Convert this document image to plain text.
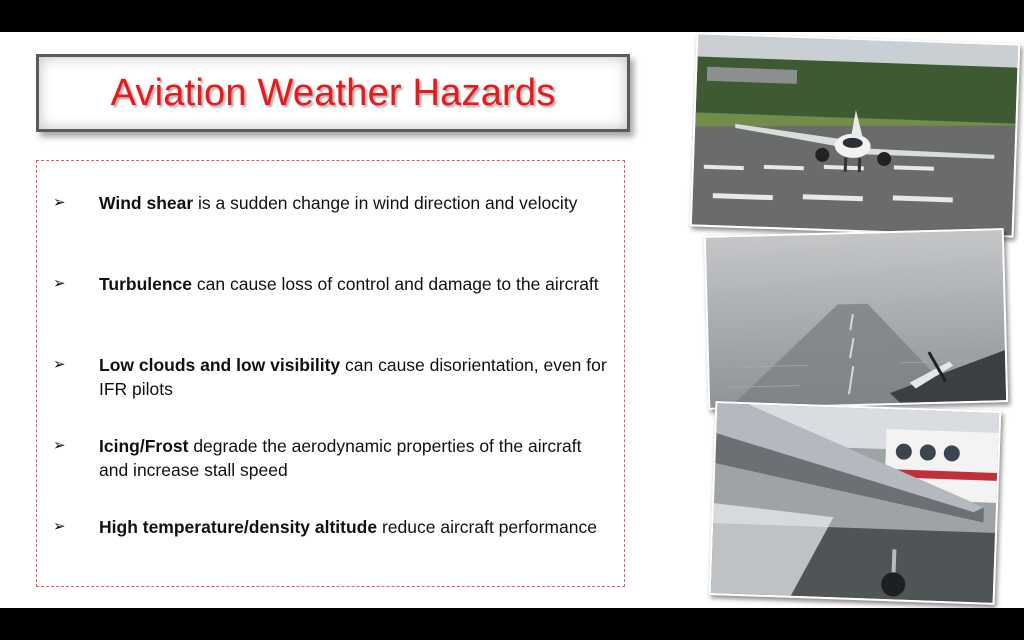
Aviation Weather Hazards
➢	Wind shear is a sudden change in wind direction and velocity
➢	Turbulence can cause loss of control and damage to the aircraft
➢	Low clouds and low visibility can cause disorientation, even for IFR pilots
➢	Icing/Frost degrade the aerodynamic properties of the aircraft and increase stall speed
➢	High temperature/density altitude reduce aircraft performance
